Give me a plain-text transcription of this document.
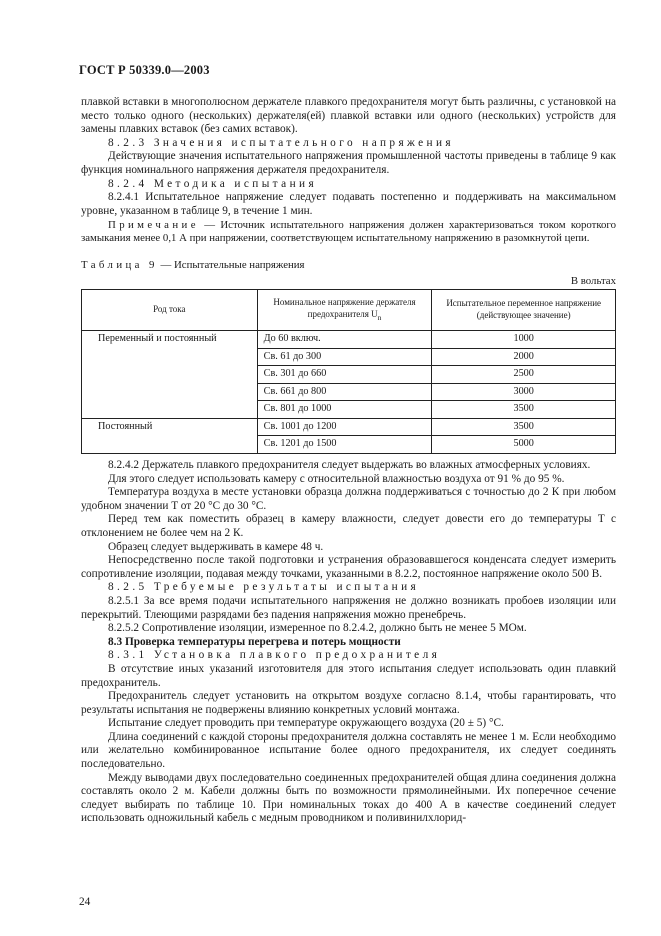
ГОСТ Р 50339.0—2003

плавкой вставки в многополюсном держателе плавкого предохранителя могут быть различны, с установкой на место только одного (нескольких) держателя(ей) плавкой вставки или одного (нескольких) устройств для замены плавких вставок (без самих вставок).

8.2.3 Значения испытательного напряжения

Действующие значения испытательного напряжения промышленной частоты приведены в таблице 9 как функция номинального напряжения держателя предохранителя.

8.2.4 Методика испытания

8.2.4.1 Испытательное напряжение следует подавать постепенно и поддерживать на максимальном уровне, указанном в таблице 9, в течение 1 мин.

Примечание — Источник испытательного напряжения должен характеризоваться током короткого замыкания менее 0,1 А при напряжении, соответствующем испытательному напряжению в разомкнутой цепи.

Таблица 9 — Испытательные напряжения
В вольтах
Род тока	Номинальное напряжение держателя предохранителя $U_n$	Испытательное переменное напряжение (действующее значение)
Переменный и постоянный	До 60 включ.	1000
	Св. 61 до 300	2000
	Св. 301 до 660	2500
	Св. 661 до 800	3000
	Св. 801 до 1000	3500
Постоянный	Св. 1001 до 1200	3500
	Св. 1201 до 1500	5000

8.2.4.2 Держатель плавкого предохранителя следует выдержать во влажных атмосферных условиях.

Для этого следует использовать камеру с относительной влажностью воздуха от 91 % до 95 %.

Температура воздуха в месте установки образца должна поддерживаться с точностью до 2 К при любом удобном значении T от 20 °С до 30 °С.

Перед тем как поместить образец в камеру влажности, следует довести его до температуры T с отклонением не более чем на 2 К.

Образец следует выдерживать в камере 48 ч.

Непосредственно после такой подготовки и устранения образовавшегося конденсата следует измерить сопротивление изоляции, подавая между точками, указанными в 8.2.2, постоянное напряжение около 500 В.

8.2.5 Требуемые результаты испытания

8.2.5.1 За все время подачи испытательного напряжения не должно возникать пробоев изоляции или перекрытий. Тлеющими разрядами без падения напряжения можно пренебречь.

8.2.5.2 Сопротивление изоляции, измеренное по 8.2.4.2, должно быть не менее 5 МОм.

8.3 Проверка температуры перегрева и потерь мощности

8.3.1 Установка плавкого предохранителя

В отсутствие иных указаний изготовителя для этого испытания следует использовать один плавкий предохранитель.

Предохранитель следует установить на открытом воздухе согласно 8.1.4, чтобы гарантировать, что результаты испытания не подвержены влиянию конкретных условий монтажа.

Испытание следует проводить при температуре окружающего воздуха (20 ± 5) °С.

Длина соединений с каждой стороны предохранителя должна составлять не менее 1 м. Если необходимо или желательно комбинированное испытание более одного предохранителя, их следует соединять последовательно.

Между выводами двух последовательно соединенных предохранителей общая длина соединения должна составлять около 2 м. Кабели должны быть по возможности прямолинейными. Их поперечное сечение следует выбирать по таблице 10. При номинальных токах до 400 А в качестве соединений следует использовать одножильный кабель с медным проводником и поливинилхлорид-

24
